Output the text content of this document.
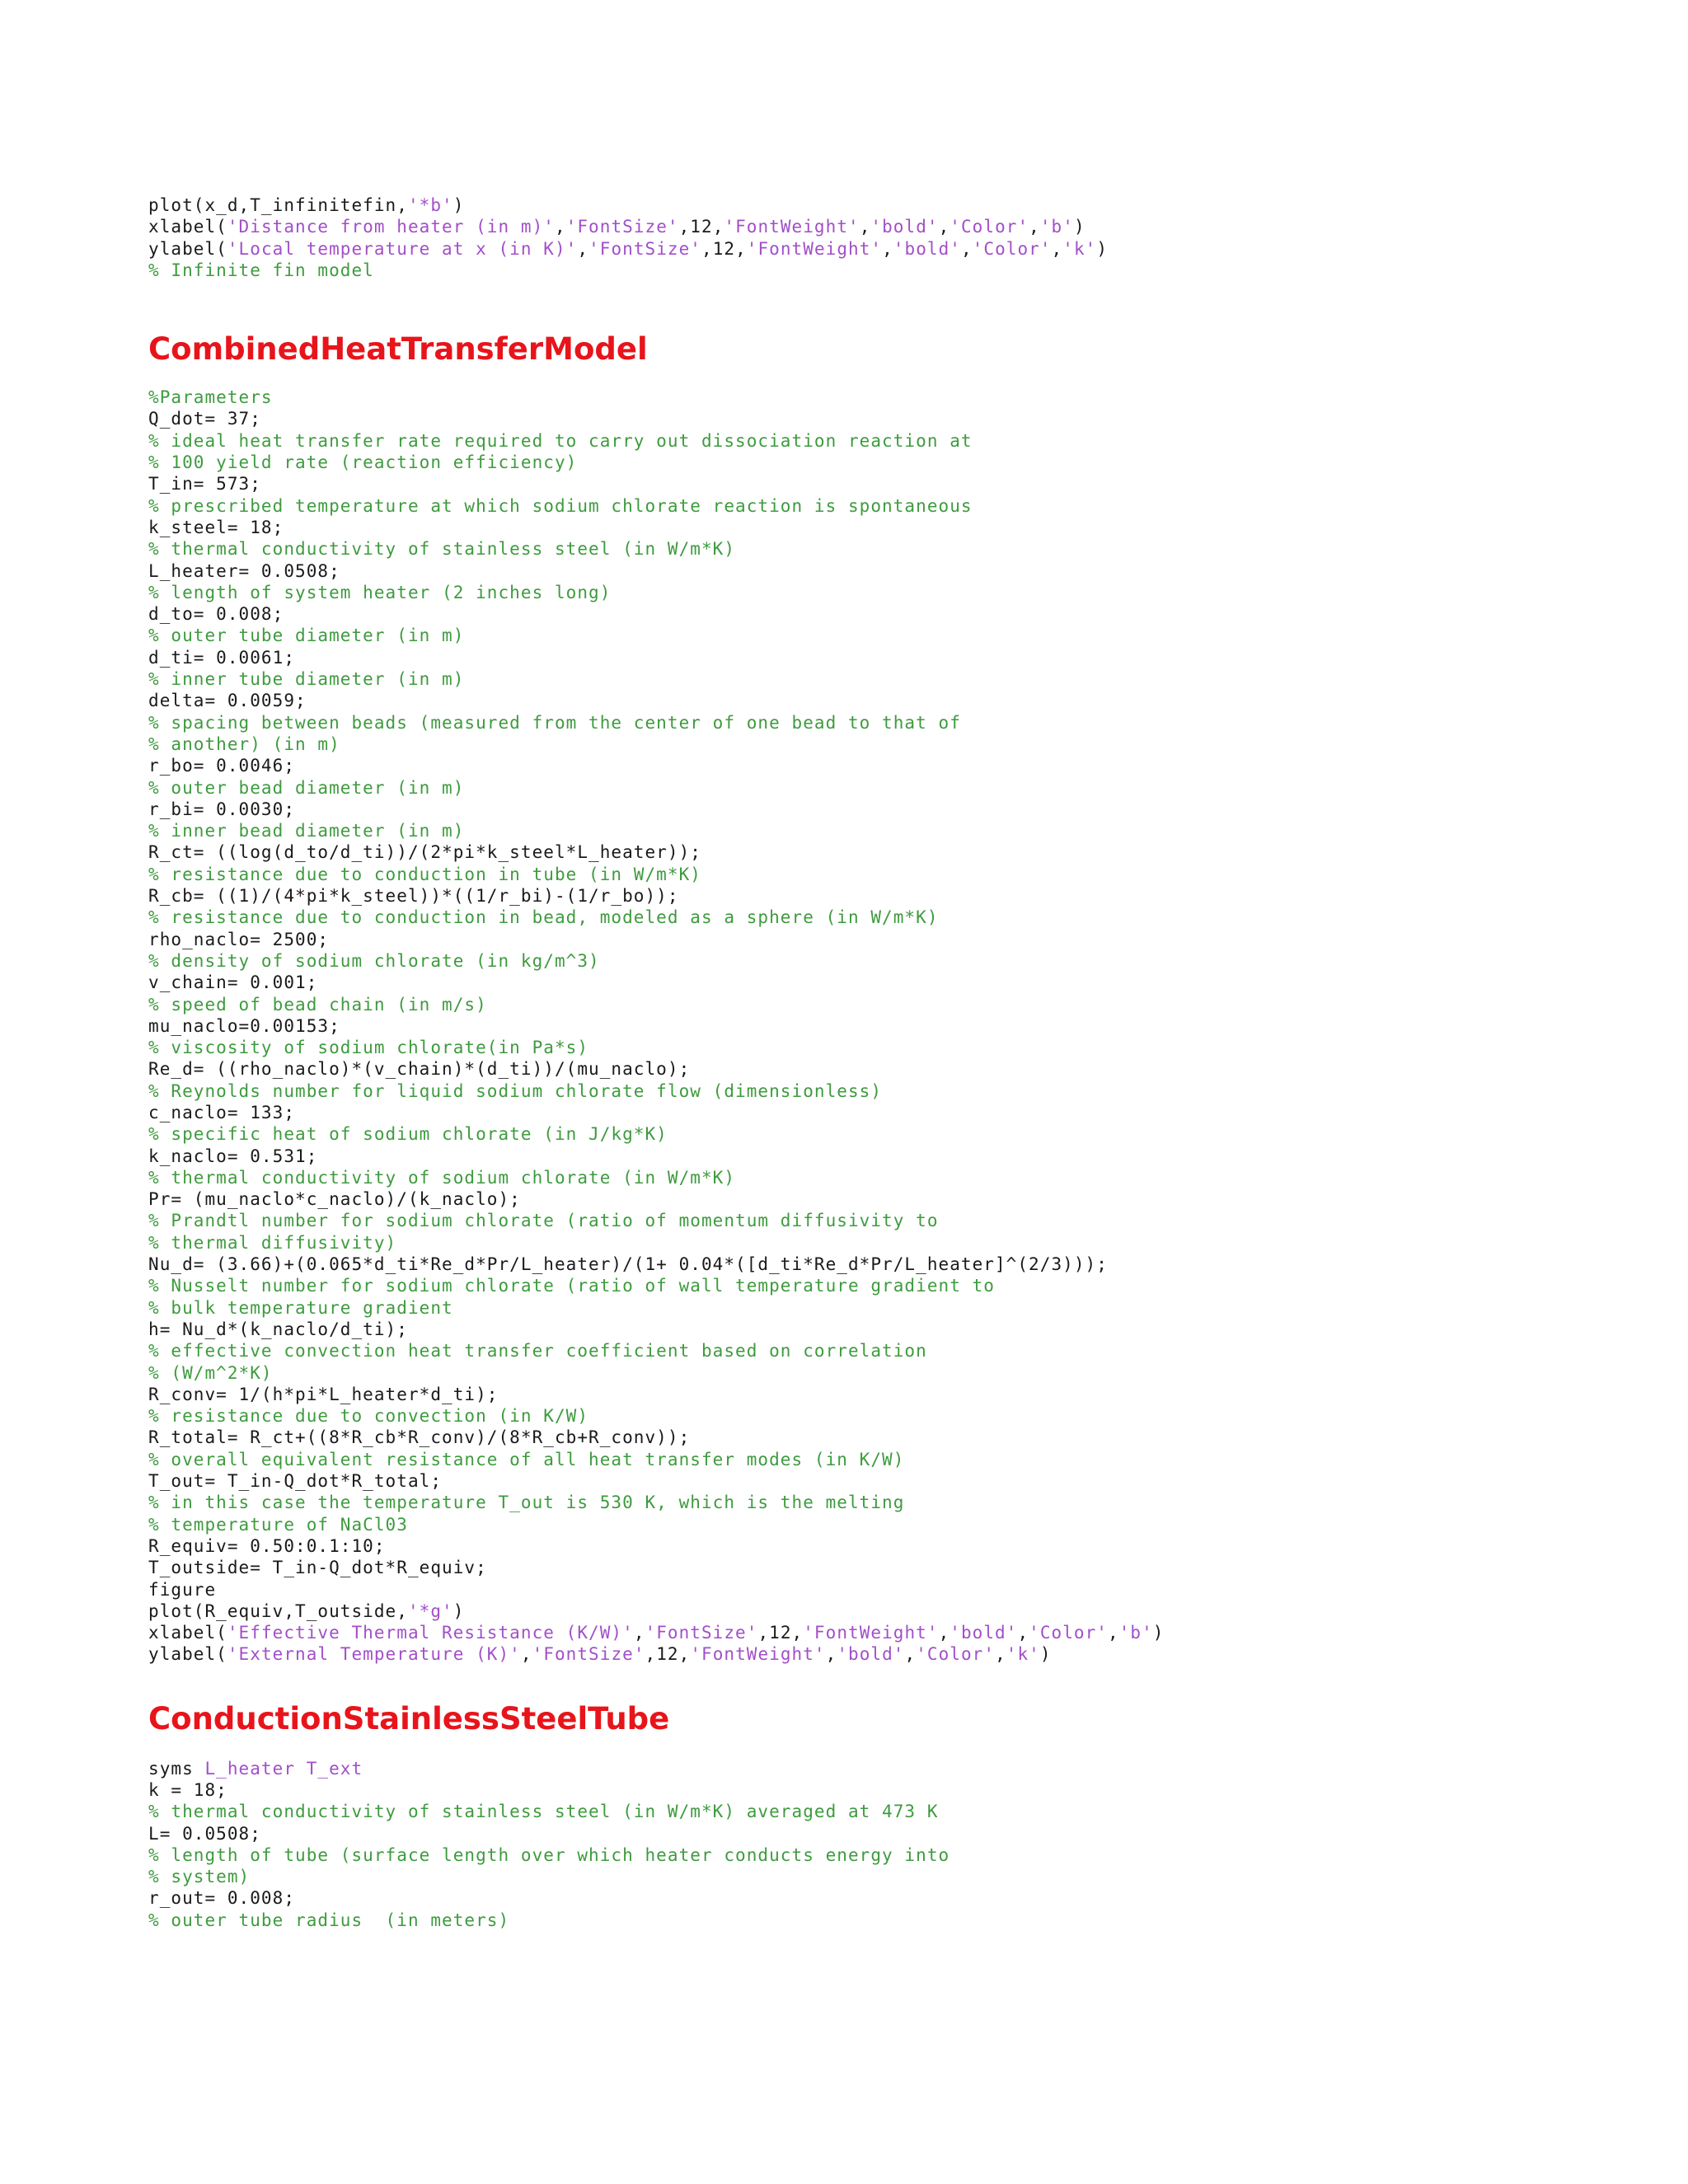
plot(x_d,T_infinitefin,'*b')
xlabel('Distance from heater (in m)','FontSize',12,'FontWeight','bold','Color','b')
ylabel('Local temperature at x (in K)','FontSize',12,'FontWeight','bold','Color','k')
% Infinite fin model
CombinedHeatTransferModel
%Parameters
Q_dot= 37;
% ideal heat transfer rate required to carry out dissociation reaction at
% 100 yield rate (reaction efficiency)
T_in= 573;
% prescribed temperature at which sodium chlorate reaction is spontaneous
k_steel= 18;
% thermal conductivity of stainless steel (in W/m*K)
L_heater= 0.0508;
% length of system heater (2 inches long)
d_to= 0.008;
% outer tube diameter (in m)
d_ti= 0.0061;
% inner tube diameter (in m)
delta= 0.0059;
% spacing between beads (measured from the center of one bead to that of
% another) (in m)
r_bo= 0.0046;
% outer bead diameter (in m)
r_bi= 0.0030;
% inner bead diameter (in m)
R_ct= ((log(d_to/d_ti))/(2*pi*k_steel*L_heater));
% resistance due to conduction in tube (in W/m*K)
R_cb= ((1)/(4*pi*k_steel))*((1/r_bi)-(1/r_bo));
% resistance due to conduction in bead, modeled as a sphere (in W/m*K)
rho_naclo= 2500;
% density of sodium chlorate (in kg/m^3)
v_chain= 0.001;
% speed of bead chain (in m/s)
mu_naclo=0.00153;
% viscosity of sodium chlorate(in Pa*s)
Re_d= ((rho_naclo)*(v_chain)*(d_ti))/(mu_naclo);
% Reynolds number for liquid sodium chlorate flow (dimensionless)
c_naclo= 133;
% specific heat of sodium chlorate (in J/kg*K)
k_naclo= 0.531;
% thermal conductivity of sodium chlorate (in W/m*K)
Pr= (mu_naclo*c_naclo)/(k_naclo);
% Prandtl number for sodium chlorate (ratio of momentum diffusivity to
% thermal diffusivity)
Nu_d= (3.66)+(0.065*d_ti*Re_d*Pr/L_heater)/(1+ 0.04*([d_ti*Re_d*Pr/L_heater]^(2/3)));
% Nusselt number for sodium chlorate (ratio of wall temperature gradient to
% bulk temperature gradient
h= Nu_d*(k_naclo/d_ti);
% effective convection heat transfer coefficient based on correlation
% (W/m^2*K)
R_conv= 1/(h*pi*L_heater*d_ti);
% resistance due to convection (in K/W)
R_total= R_ct+((8*R_cb*R_conv)/(8*R_cb+R_conv));
% overall equivalent resistance of all heat transfer modes (in K/W)
T_out= T_in-Q_dot*R_total;
% in this case the temperature T_out is 530 K, which is the melting
% temperature of NaCl03
R_equiv= 0.50:0.1:10;
T_outside= T_in-Q_dot*R_equiv;
figure
plot(R_equiv,T_outside,'*g')
xlabel('Effective Thermal Resistance (K/W)','FontSize',12,'FontWeight','bold','Color','b')
ylabel('External Temperature (K)','FontSize',12,'FontWeight','bold','Color','k')
ConductionStainlessSteelTube
syms L_heater T_ext
k = 18;
% thermal conductivity of stainless steel (in W/m*K) averaged at 473 K
L= 0.0508;
% length of tube (surface length over which heater conducts energy into
% system)
r_out= 0.008;
% outer tube radius  (in meters)
